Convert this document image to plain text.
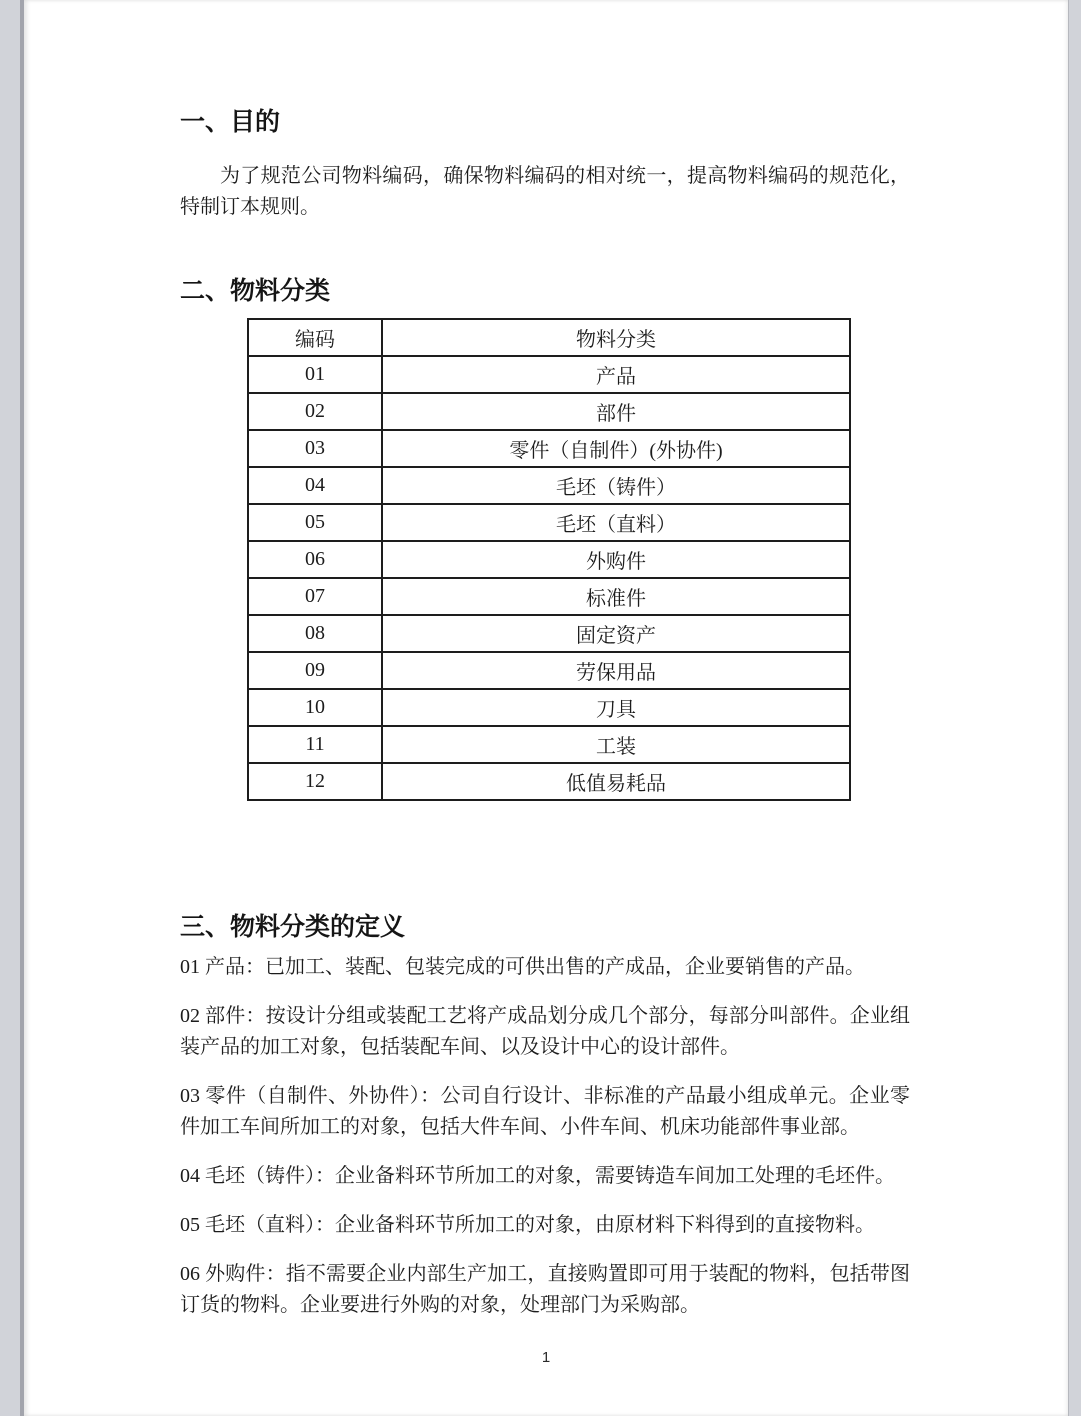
一、目的

为了规范公司物料编码，确保物料编码的相对统一，提高物料编码的规范化，特制订本规则。

二、物料分类
编码	物料分类
01	产品
02	部件
03	零件（自制件）(外协件)
04	毛坯（铸件）
05	毛坯（直料）
06	外购件
07	标准件
08	固定资产
09	劳保用品
10	刀具
11	工装
12	低值易耗品
三、物料分类的定义

01 产品：已加工、装配、包装完成的可供出售的产成品，企业要销售的产品。

02 部件：按设计分组或装配工艺将产成品划分成几个部分，每部分叫部件。企业组装产品的加工对象，包括装配车间、以及设计中心的设计部件。

03 零件（自制件、外协件）：公司自行设计、非标准的产品最小组成单元。企业零件加工车间所加工的对象，包括大件车间、小件车间、机床功能部件事业部。

04 毛坯（铸件）：企业备料环节所加工的对象，需要铸造车间加工处理的毛坯件。

05 毛坯（直料）：企业备料环节所加工的对象，由原材料下料得到的直接物料。

06 外购件：指不需要企业内部生产加工，直接购置即可用于装配的物料，包括带图订货的物料。企业要进行外购的对象，处理部门为采购部。

1
